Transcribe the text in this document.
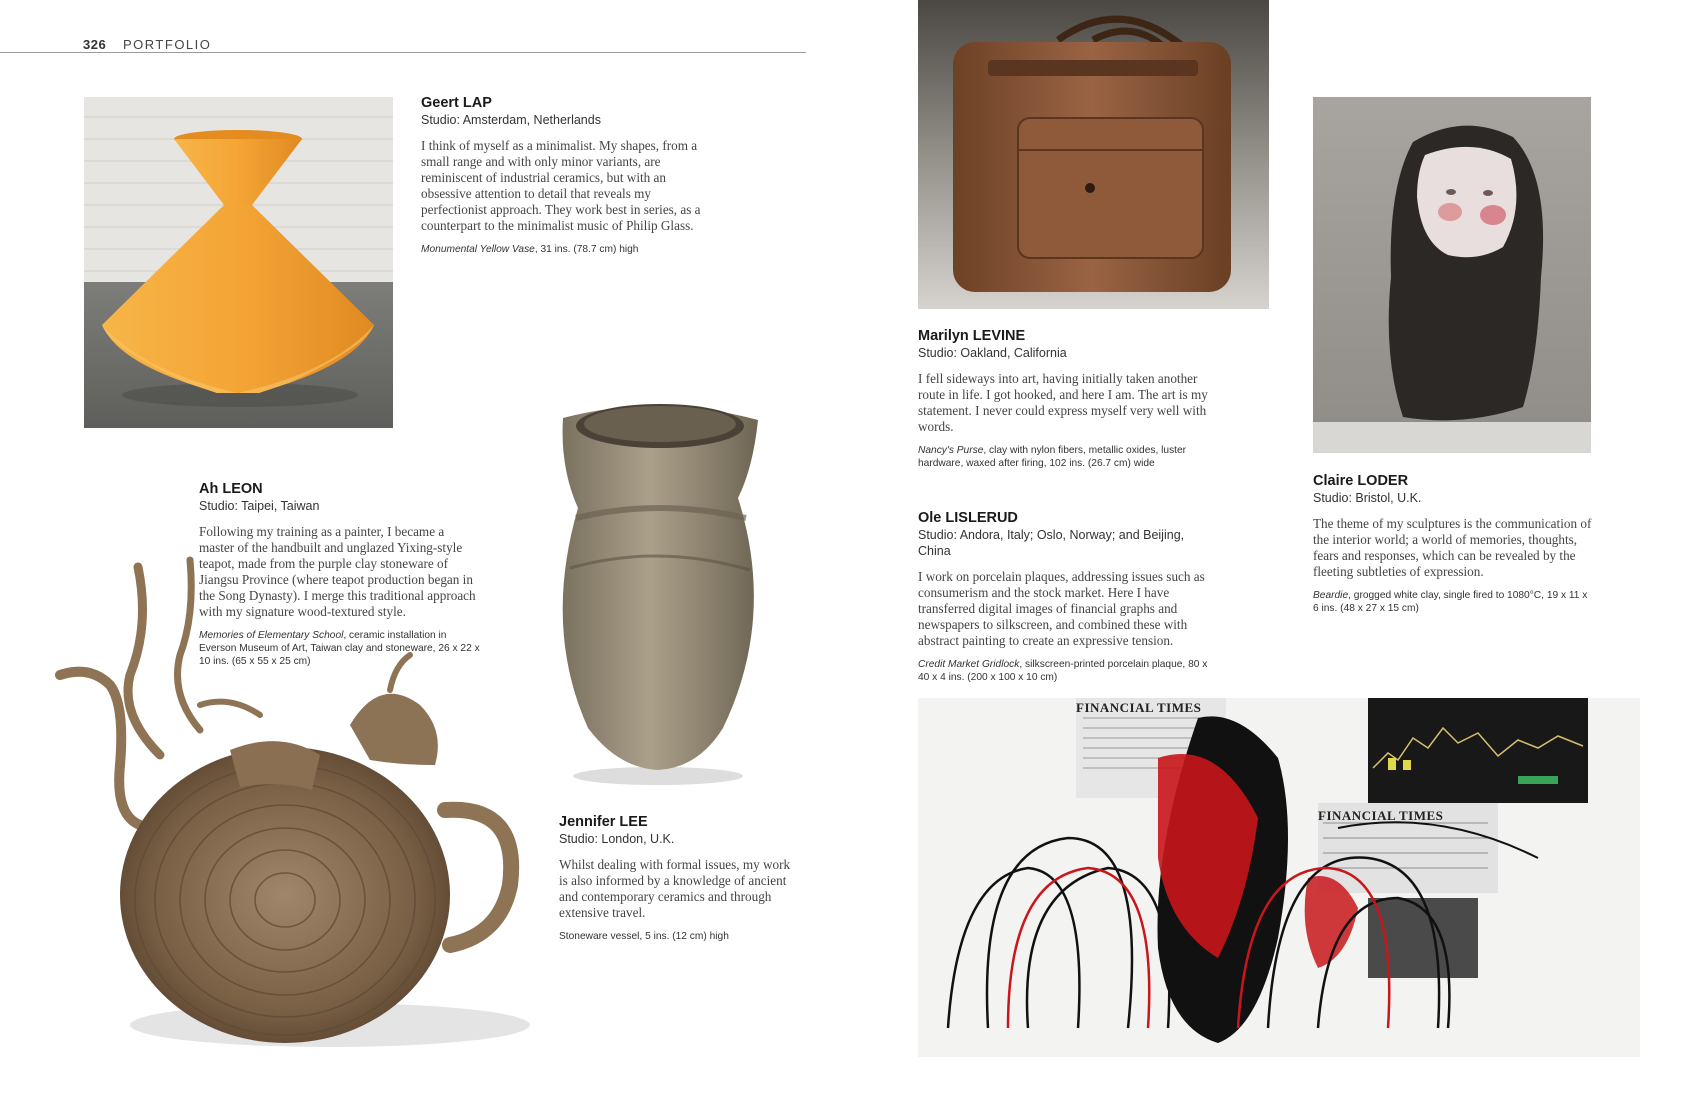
326 PORTFOLIO

Geert LAP

Studio: Amsterdam, Netherlands

I think of myself as a minimalist. My shapes, from a small range and with only minor variants, are reminiscent of industrial ceramics, but with an obsessive attention to detail that reveals my perfectionist approach. They work best in series, as a counterpart to the minimalist music of Philip Glass.

Monumental Yellow Vase, 31 ins. (78.7 cm) high

Ah LEON

Studio: Taipei, Taiwan

Following my training as a painter, I became a master of the handbuilt and unglazed Yixing-style teapot, made from the purple clay stoneware of Jiangsu Province (where teapot production began in the Song Dynasty). I merge this traditional approach with my signature wood-textured style.

Memories of Elementary School, ceramic installation in Everson Museum of Art, Taiwan clay and stoneware, 26 x 22 x 10 ins. (65 x 55 x 25 cm)

Jennifer LEE

Studio: London, U.K.

Whilst dealing with formal issues, my work is also informed by a knowledge of ancient and contemporary ceramics and through extensive travel.

Stoneware vessel, 5 ins. (12 cm) high

Marilyn LEVINE

Studio: Oakland, California

I fell sideways into art, having initially taken another route in life. I got hooked, and here I am. The art is my statement. I never could express myself very well with words.

Nancy's Purse, clay with nylon fibers, metallic oxides, luster hardware, waxed after firing, 102 ins. (26.7 cm) wide

Ole LISLERUD

Studio: Andora, Italy; Oslo, Norway; and Beijing, China

I work on porcelain plaques, addressing issues such as consumerism and the stock market. Here I have transferred digital images of financial graphs and newspapers to silkscreen, and combined these with abstract painting to create an expressive tension.

Credit Market Gridlock, silkscreen-printed porcelain plaque, 80 x 40 x 4 ins. (200 x 100 x 10 cm)

Claire LODER

Studio: Bristol, U.K.

The theme of my sculptures is the communication of the interior world; a world of memories, thoughts, fears and responses, which can be revealed by the fleeting subtleties of expression.

Beardie, grogged white clay, single fired to 1080°C, 19 x 11 x 6 ins. (48 x 27 x 15 cm)

FINANCIAL TIMES
FINANCIAL TIMES
